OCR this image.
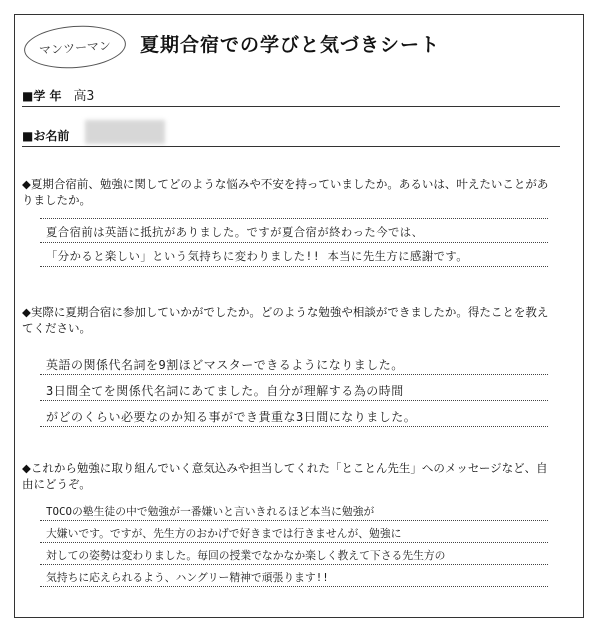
マンツーマン	夏期合宿での学びと気づきシート
■学 年 高3
■お名前
◆夏期合宿前、勉強に関してどのような悩みや不安を持っていましたか。あるいは、叶えたいことがありましたか。
夏合宿前は英語に抵抗がありました。ですが夏合宿が終わった今では、
「分かると楽しい」という気持ちに変わりました!! 本当に先生方に感謝です。
◆実際に夏期合宿に参加していかがでしたか。どのような勉強や相談ができましたか。得たことを教えてください。
英語の関係代名詞を9割ほどマスターできるようになりました。
3日間全てを関係代名詞にあてました。自分が理解する為の時間
がどのくらい必要なのか知る事ができ貴重な3日間になりました。
◆これから勉強に取り組んでいく意気込みや担当してくれた「とことん先生」へのメッセージなど、自由にどうぞ。
TOCOの塾生徒の中で勉強が一番嫌いと言いきれるほど本当に勉強が
大嫌いです。ですが、先生方のおかげで好きまでは行きませんが、勉強に
対しての姿勢は変わりました。毎回の授業でなかなか楽しく教えて下さる先生方の
気持ちに応えられるよう、ハングリー精神で頑張ります!!
